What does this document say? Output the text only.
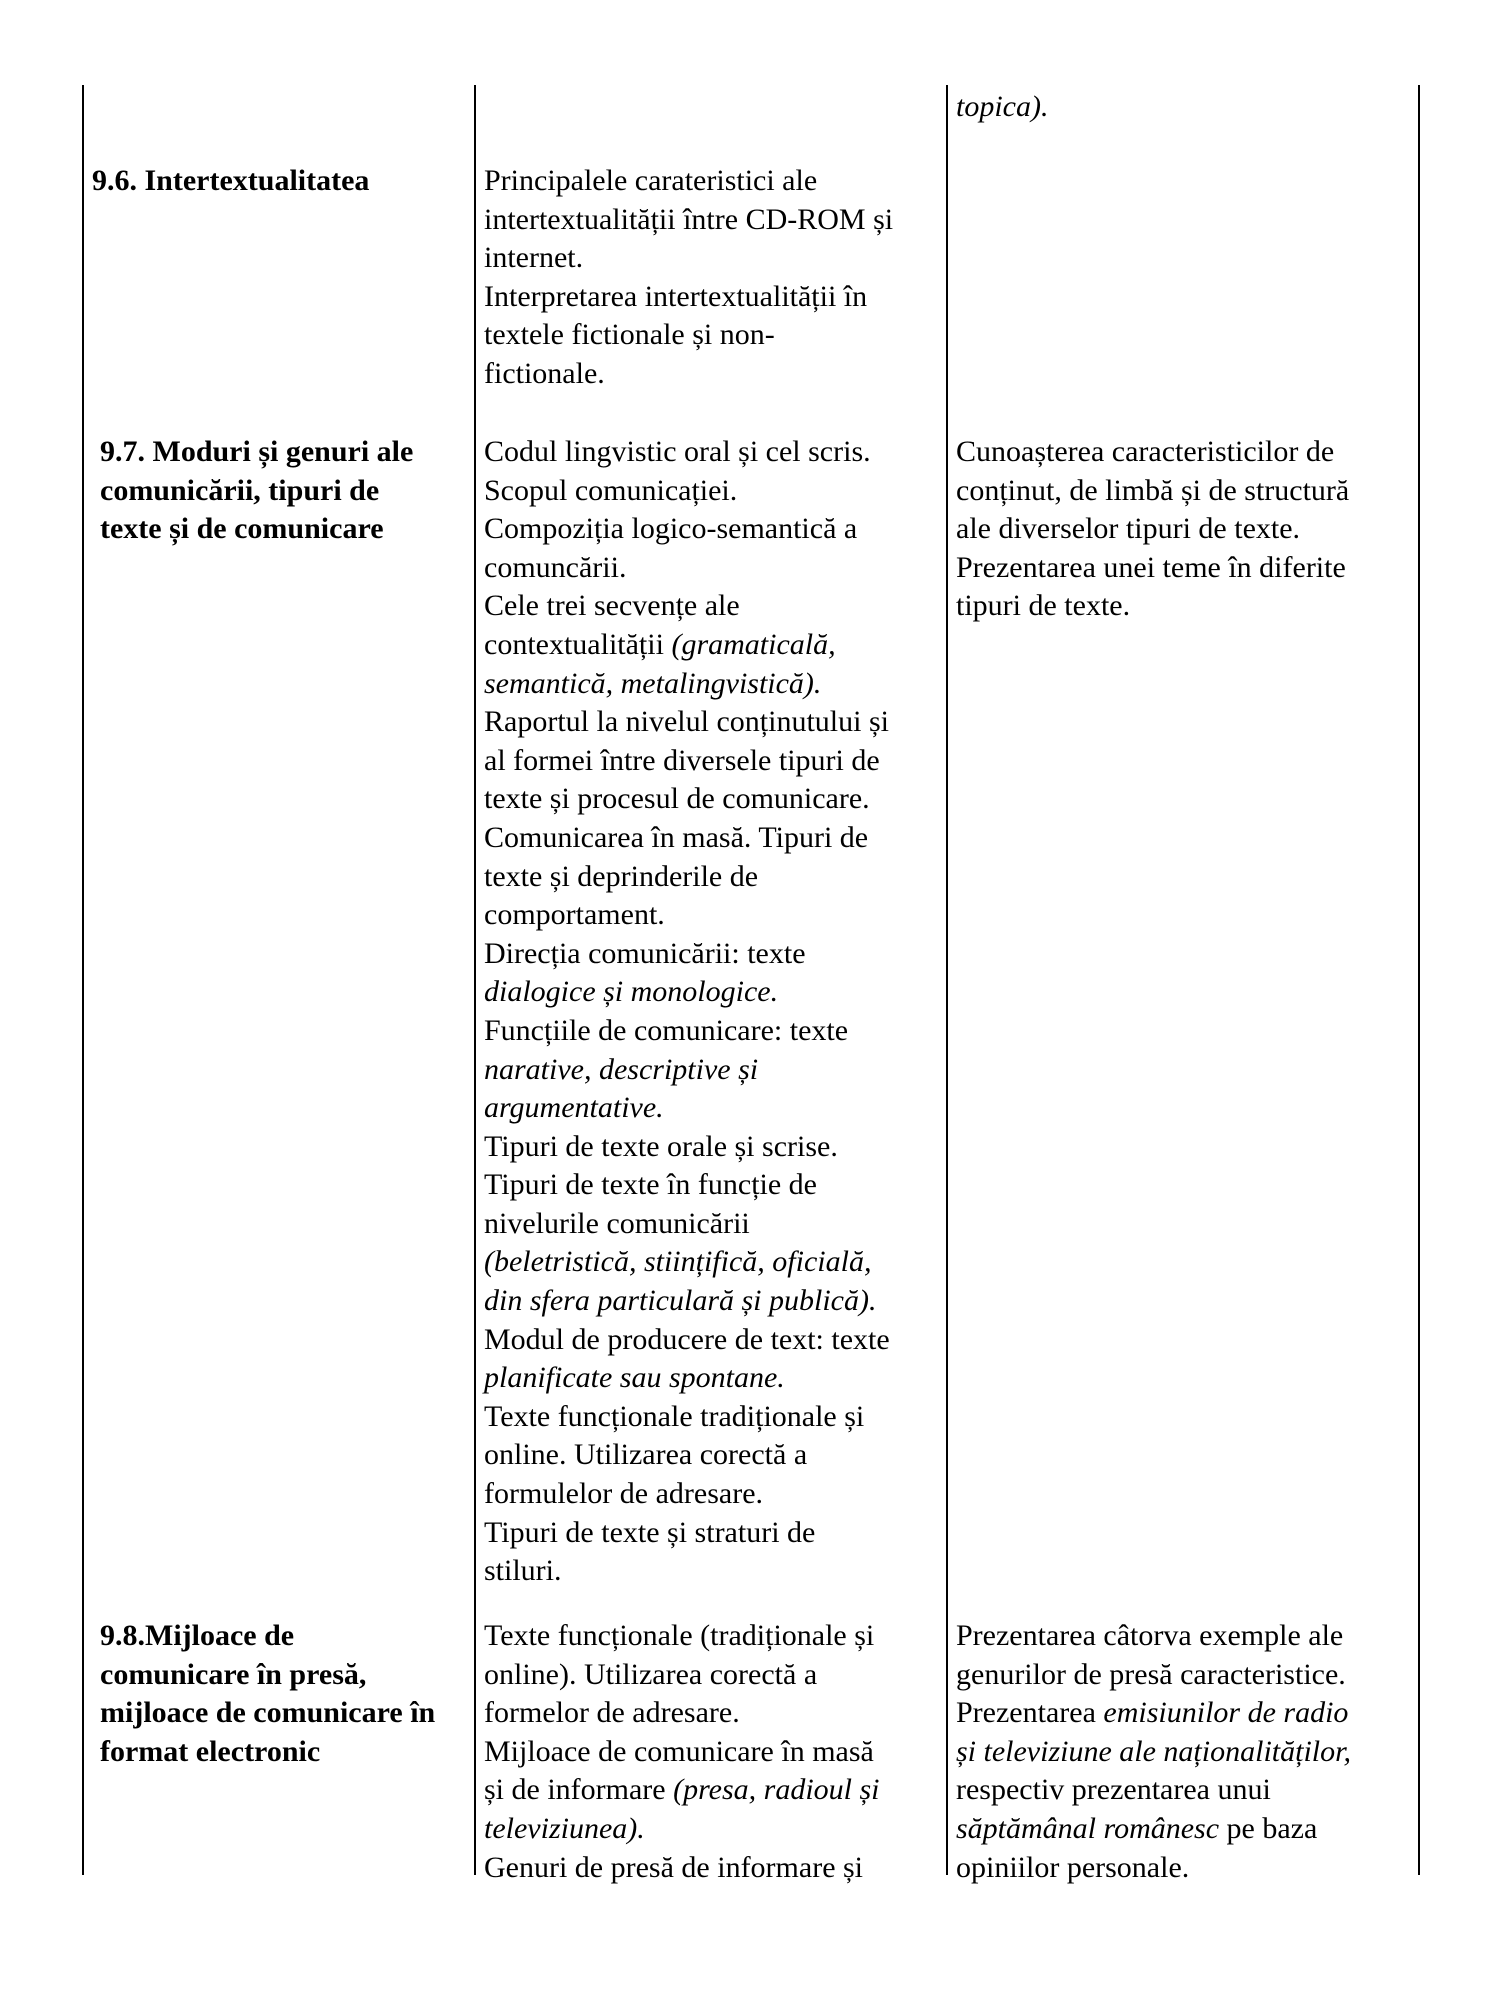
topica).
9.6. Intertextualitatea	Principalele carateristici ale
intertextualității între CD-ROM și
internet.
Interpretarea intertextualității în
textele fictionale și non-
fictionale.
9.7. Moduri și genuri ale
comunicării, tipuri de
texte și de comunicare
Codul lingvistic oral și cel scris.
Scopul comunicației.
Compoziția logico-semantică a
comuncării.
Cele trei secvențe ale
contextualității (gramaticală,
semantică, metalingvistică).
Raportul la nivelul conținutului și
al formei între diversele tipuri de
texte și procesul de comunicare.
Comunicarea în masă. Tipuri de
texte și deprinderile de
comportament.
Direcția comunicării: texte
dialogice și monologice.
Funcțiile de comunicare: texte
narative, descriptive și
argumentative.
Tipuri de texte orale și scrise.
Tipuri de texte în funcție de
nivelurile comunicării
(beletristică, stiințifică, oficială,
din sfera particulară și publică).
Modul de producere de text: texte
planificate sau spontane.
Texte funcționale tradiționale și
online. Utilizarea corectă a
formulelor de adresare.
Tipuri de texte și straturi de
stiluri.
Cunoașterea caracteristicilor de
conținut, de limbă și de structură
ale diverselor tipuri de texte.
Prezentarea unei teme în diferite
tipuri de texte.
9.8.Mijloace de
comunicare în presă,
mijloace de comunicare în
format electronic
Texte funcționale (tradiționale și
online). Utilizarea corectă a
formelor de adresare.
Mijloace de comunicare în masă
și de informare (presa, radioul și
televiziunea).
Genuri de presă de informare și
Prezentarea câtorva exemple ale
genurilor de presă caracteristice.
Prezentarea emisiunilor de radio
și televiziune ale naționalităților,
respectiv prezentarea unui
săptămânal românesc pe baza
opiniilor personale.
